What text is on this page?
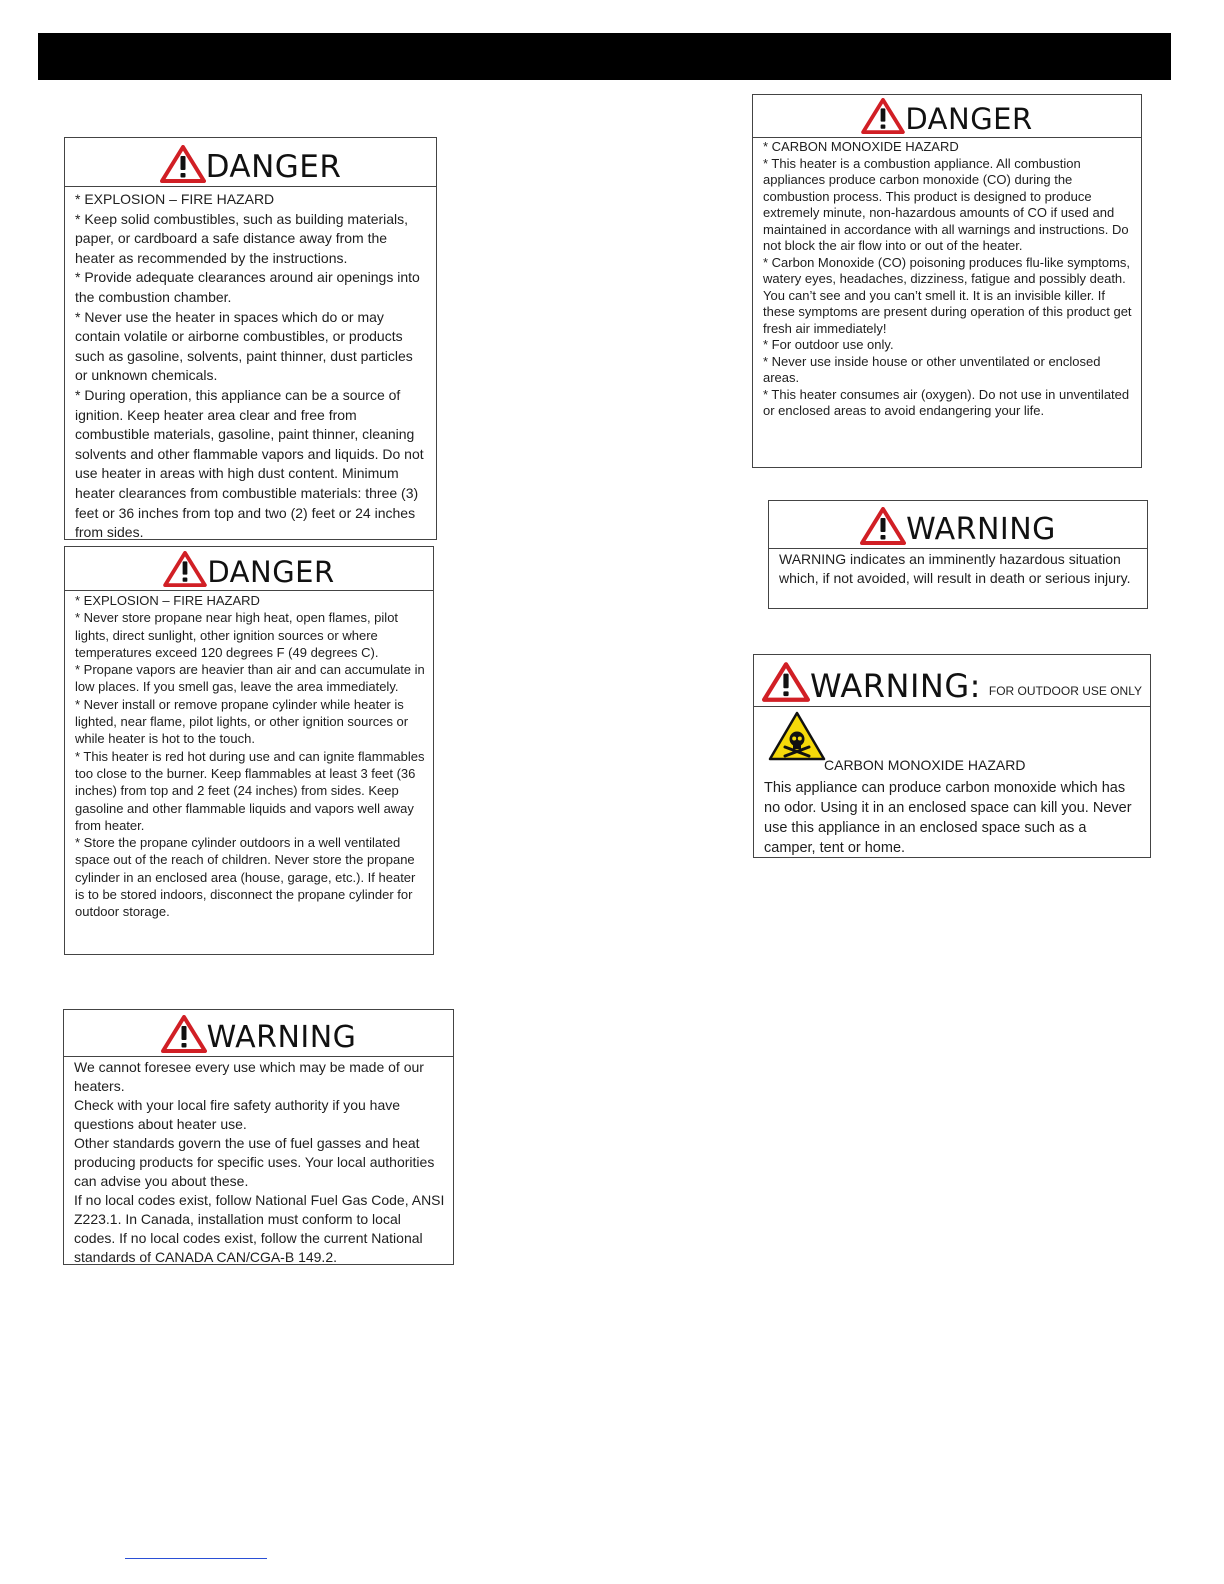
DANGER

* EXPLOSION – FIRE HAZARD

* Keep solid combustibles, such as building materials, paper, or cardboard a safe distance away from the heater as recommended by the instructions.

* Provide adequate clearances around air openings into the combustion chamber.

* Never use the heater in spaces which do or may contain volatile or airborne combustibles, or products such as gasoline, solvents, paint thinner, dust particles or unknown chemicals.

* During operation, this appliance can be a source of ignition. Keep heater area clear and free from combustible materials, gasoline, paint thinner, cleaning solvents and other flammable vapors and liquids. Do not use heater in areas with high dust content. Minimum heater clearances from combustible materials: three (3) feet or 36 inches from top and two (2) feet or 24 inches from sides.

DANGER

* EXPLOSION – FIRE HAZARD

* Never store propane near high heat, open flames, pilot lights, direct sunlight, other ignition sources or where temperatures exceed 120 degrees F (49 degrees C).

* Propane vapors are heavier than air and can accumulate in low places. If you smell gas, leave the area immediately.

* Never install or remove propane cylinder while heater is lighted, near flame, pilot lights, or other ignition sources or while heater is hot to the touch.

* This heater is red hot during use and can ignite flammables too close to the burner. Keep flammables at least 3 feet (36 inches) from top and 2 feet (24 inches) from sides. Keep gasoline and other flammable liquids and vapors well away from heater.

* Store the propane cylinder outdoors in a well ventilated space out of the reach of children. Never store the propane cylinder in an enclosed area (house, garage, etc.). If heater is to be stored indoors, disconnect the propane cylinder for outdoor storage.

WARNING

We cannot foresee every use which may be made of our heaters.

Check with your local fire safety authority if you have questions about heater use.

Other standards govern the use of fuel gasses and heat producing products for specific uses. Your local authorities can advise you about these.

If no local codes exist, follow National Fuel Gas Code, ANSI Z223.1. In Canada, installation must conform to local codes. If no local codes exist, follow the current National standards of CANADA CAN/CGA-B 149.2.

DANGER

* CARBON MONOXIDE HAZARD

* This heater is a combustion appliance. All combustion appliances produce carbon monoxide (CO) during the combustion process. This product is designed to produce extremely minute, non-hazardous amounts of CO if used and maintained in accordance with all warnings and instructions. Do not block the air flow into or out of the heater.

* Carbon Monoxide (CO) poisoning produces flu-like symptoms, watery eyes, headaches, dizziness, fatigue and possibly death. You can’t see and you can’t smell it. It is an invisible killer. If these symptoms are present during operation of this product get fresh air immediately!

* For outdoor use only.

* Never use inside house or other unventilated or enclosed areas.

* This heater consumes air (oxygen). Do not use in unventilated or enclosed areas to avoid endangering your life.

WARNING

WARNING indicates an imminently hazardous situation which, if not avoided, will result in death or serious injury.

WARNING: FOR OUTDOOR USE ONLY
CARBON MONOXIDE HAZARD

This appliance can produce carbon monoxide which has no odor. Using it in an enclosed space can kill you. Never use this appliance in an enclosed space such as a camper, tent or home.
